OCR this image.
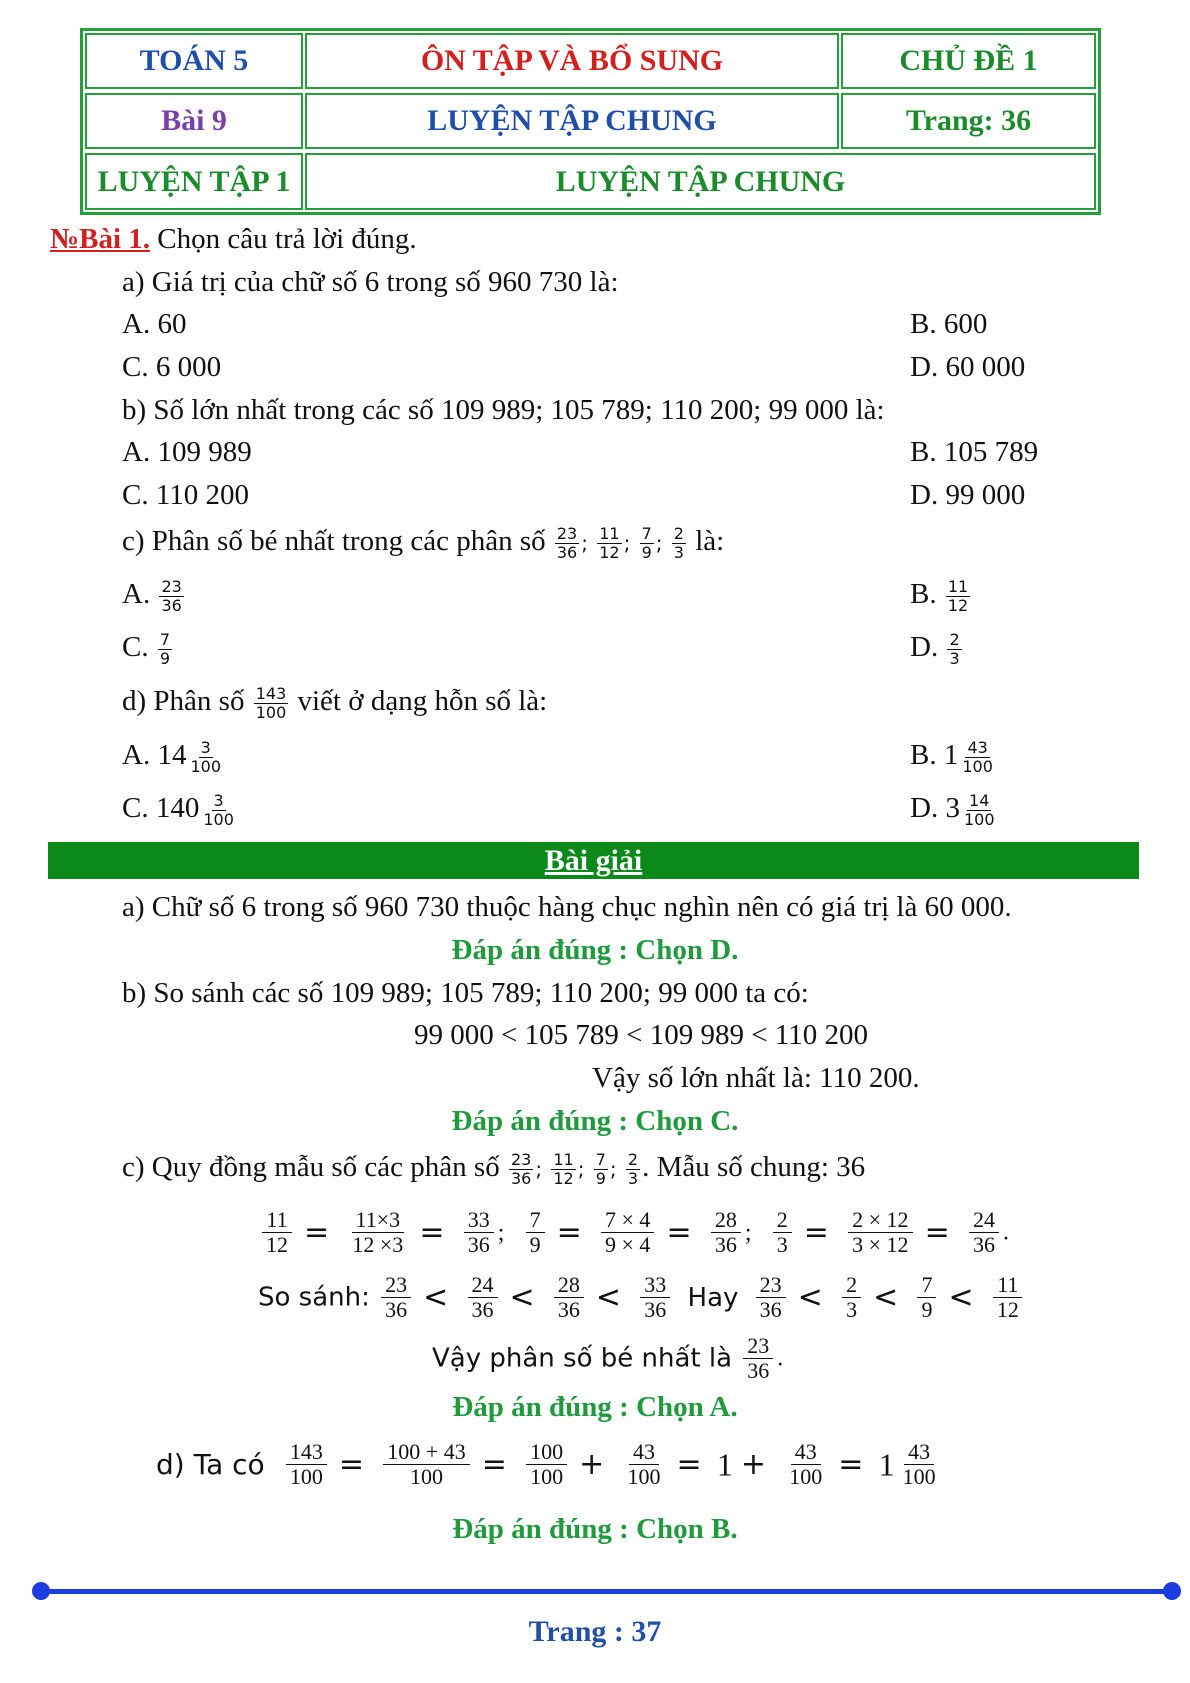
TOÁN 5	ÔN TẬP VÀ BỔ SUNG	CHỦ ĐỀ 1
Bài 9	LUYỆN TẬP CHUNG	Trang: 36
LUYỆN TẬP 1	LUYỆN TẬP CHUNG
№Bài 1. Chọn câu trả lời đúng.
a) Giá trị của chữ số 6 trong số 960 730 là:
A. 60	B. 600
C. 6 000	D. 60 000
b) Số lớn nhất trong các số 109 989; 105 789; 110 200; 99 000 là:
A. 109 989	B. 105 789
C. 110 200	D. 99 000
c) Phân số bé nhất trong các phân số $\frac{23}{36}$ ; $\frac{11}{12}$ ; $\frac{7}{9}$ ; $\frac{2}{3}$ là:
A. $\frac{23}{36}$	B. $\frac{11}{12}$
C. $\frac{7}{9}$	D. $\frac{2}{3}$
d) Phân số $\frac{143}{100}$ viết ở dạng hỗn số là:
A. $14 \frac{3}{100}$	B. $1 \frac{43}{100}$
C. $140 \frac{3}{100}$	D. $3 \frac{14}{100}$
Bài giải
a) Chữ số 6 trong số 960 730 thuộc hàng chục nghìn nên có giá trị là 60 000.
Đáp án đúng : Chọn D.
b) So sánh các số 109 989; 105 789; 110 200; 99 000 ta có:
99 000 < 105 789 < 109 989 < 110 200
Vậy số lớn nhất là: 110 200.
Đáp án đúng : Chọn C.
c) Quy đồng mẫu số các phân số $\frac{23}{36}$ ; $\frac{11}{12}$ ; $\frac{7}{9}$ ; $\frac{2}{3}$ . Mẫu số chung: 36
$\frac{11}{12} = \frac{11\times 3}{12 \times 3} = \frac{33}{36}$ ; $\frac{7}{9} = \frac{7 \times 4}{9 \times 4} = \frac{28}{36}$ ; $\frac{2}{3} = \frac{2 \times 12}{3 \times 12} = \frac{24}{36}$ .
So sánh: $\frac{23}{36} < \frac{24}{36} < \frac{28}{36} < \frac{33}{36}$ Hay $\frac{23}{36} < \frac{2}{3} < \frac{7}{9} < \frac{11}{12}$
Vậy phân số bé nhất là $\frac{23}{36}$ .
Đáp án đúng : Chọn A.
d) Ta có $\frac{143}{100} = \frac{100 + 43}{100} = \frac{100}{100} + \frac{43}{100} = 1 + \frac{43}{100} = 1 \frac{43}{100}$
Đáp án đúng : Chọn B.
Trang : 37
